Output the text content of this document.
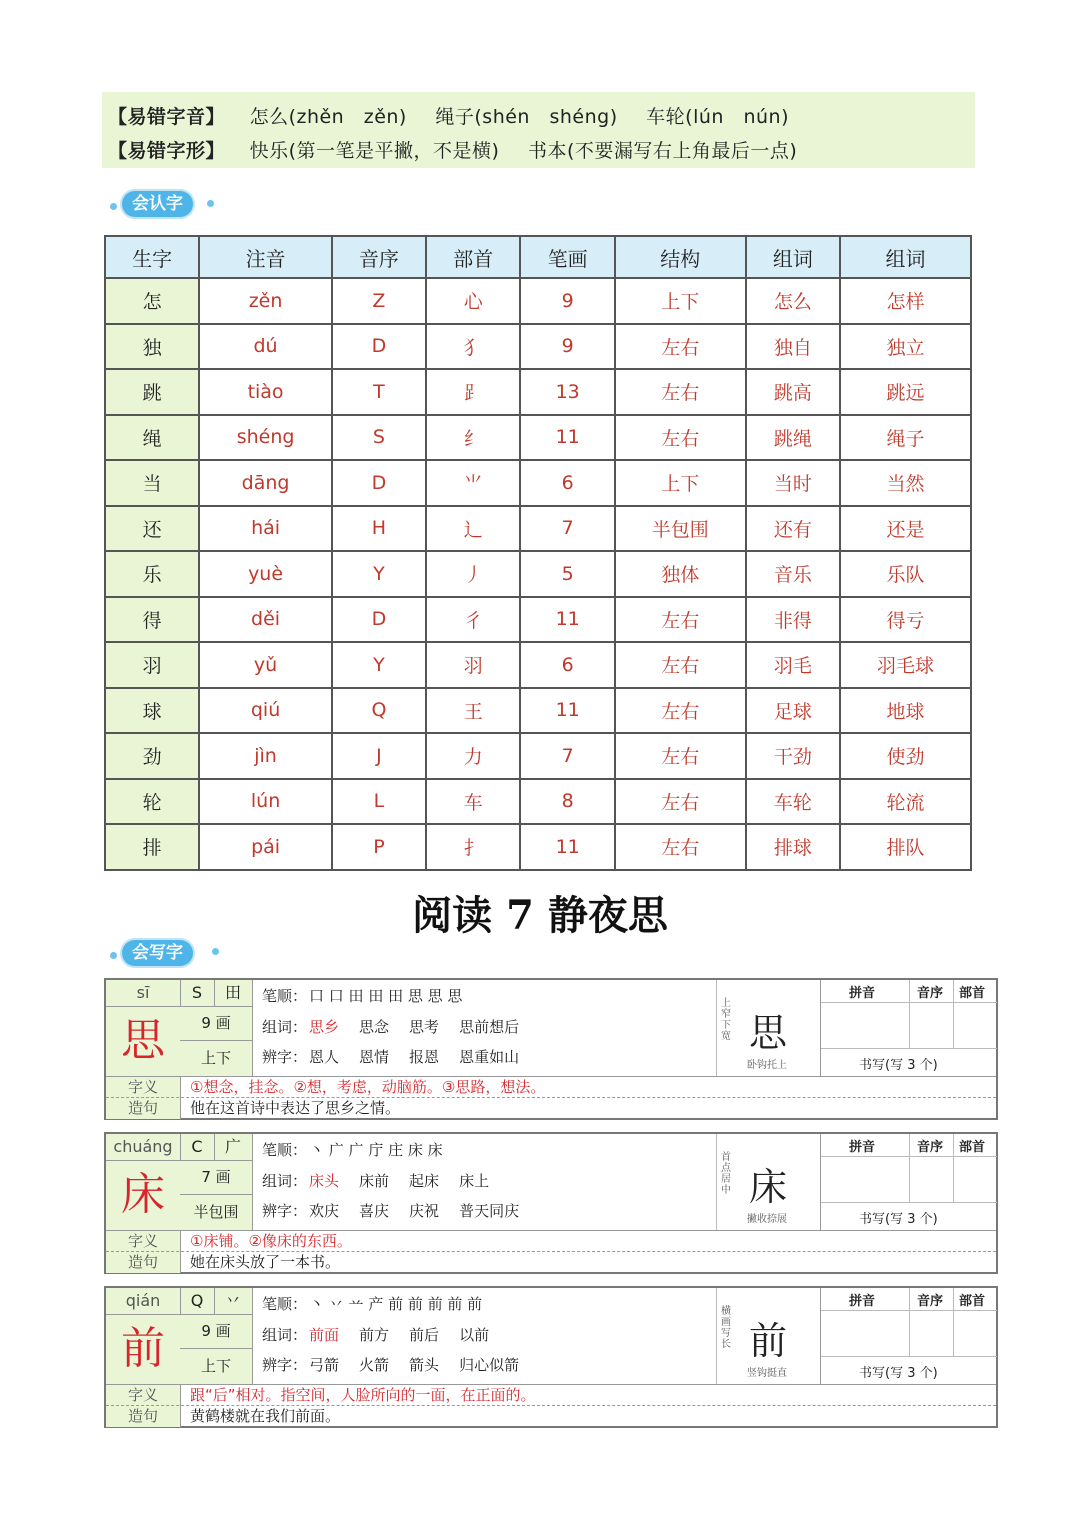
【易错字音】 怎么(zhěn　zěn) 绳子(shén　shéng) 车轮(lún　nún)
【易错字形】 快乐(第一笔是平撇，不是横) 书本(不要漏写右上角最后一点)
会认字
生字	注音	音序	部首	笔画	结构	组词	组词
怎	zěn	Z	心	9	上下	怎么	怎样
独	dú	D	犭	9	左右	独自	独立
跳	tiào	T	⻊	13	左右	跳高	跳远
绳	shéng	S	纟	11	左右	跳绳	绳子
当	dāng	D	⺌	6	上下	当时	当然
还	hái	H	辶	7	半包围	还有	还是
乐	yuè	Y	丿	5	独体	音乐	乐队
得	děi	D	彳	11	左右	非得	得亏
羽	yǔ	Y	羽	6	左右	羽毛	羽毛球
球	qiú	Q	王	11	左右	足球	地球
劲	jìn	J	力	7	左右	干劲	使劲
轮	lún	L	车	8	左右	车轮	轮流
排	pái	P	扌	11	左右	排球	排队
阅读 7 静夜思
会写字
sī	S	田
思	9 画
上下
笔顺： 口 口 田 田 田 思 思 思
组词： 思乡 思念 思考 思前想后
辨字： 恩人 恩情 报恩 恩重如山
上窄下宽 思
卧钩托上
拼音	音序 部首
书写(写 3 个)
字义	①想念，挂念。②想，考虑，动脑筋。③思路，想法。
造句	他在这首诗中表达了思乡之情。
chuáng	C	广
床	7 画
半包围
笔顺： 丶 广 广 庁 庄 床 床
组词： 床头 床前 起床 床上
辨字： 欢庆 喜庆 庆祝 普天同庆
首点居中 床
撇收捺展
拼音	音序 部首
书写(写 3 个)
字义	①床铺。②像床的东西。
造句	她在床头放了一本书。
qián	Q	丷
前	9 画
上下
笔顺： 丶 丷 䒑 产 前 前 前 前 前
组词： 前面 前方 前后 以前
辨字： 弓箭 火箭 箭头 归心似箭
横画写长 前
竖钩挺直
拼音	音序 部首
书写(写 3 个)
字义	跟“后”相对。指空间，人脸所向的一面，在正面的。
造句	黄鹤楼就在我们前面。
